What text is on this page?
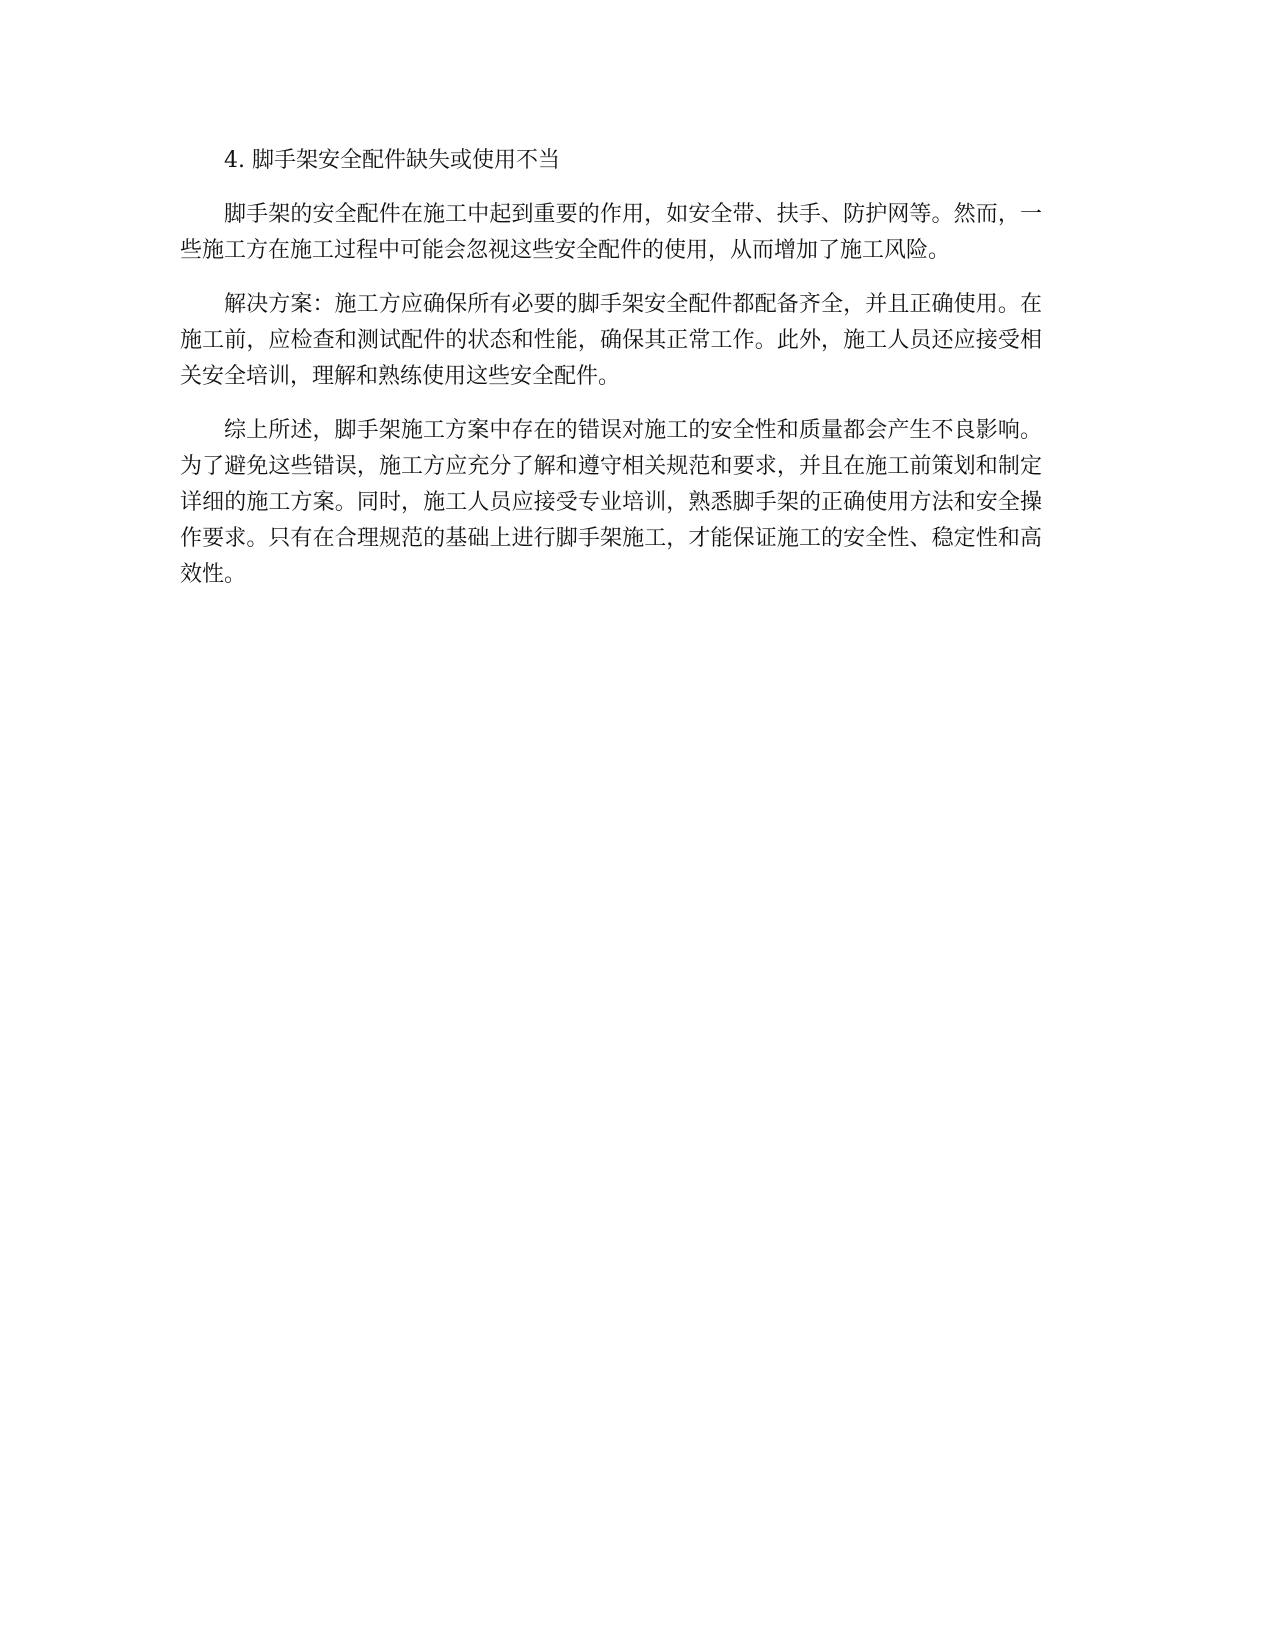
4. 脚手架安全配件缺失或使用不当

脚手架的安全配件在施工中起到重要的作用，如安全带、扶手、防护网等。然而，一些施工方在施工过程中可能会忽视这些安全配件的使用，从而增加了施工风险。

解决方案：施工方应确保所有必要的脚手架安全配件都配备齐全，并且正确使用。在施工前，应检查和测试配件的状态和性能，确保其正常工作。此外，施工人员还应接受相关安全培训，理解和熟练使用这些安全配件。

综上所述，脚手架施工方案中存在的错误对施工的安全性和质量都会产生不良影响。为了避免这些错误，施工方应充分了解和遵守相关规范和要求，并且在施工前策划和制定详细的施工方案。同时，施工人员应接受专业培训，熟悉脚手架的正确使用方法和安全操作要求。只有在合理规范的基础上进行脚手架施工，才能保证施工的安全性、稳定性和高效性。
